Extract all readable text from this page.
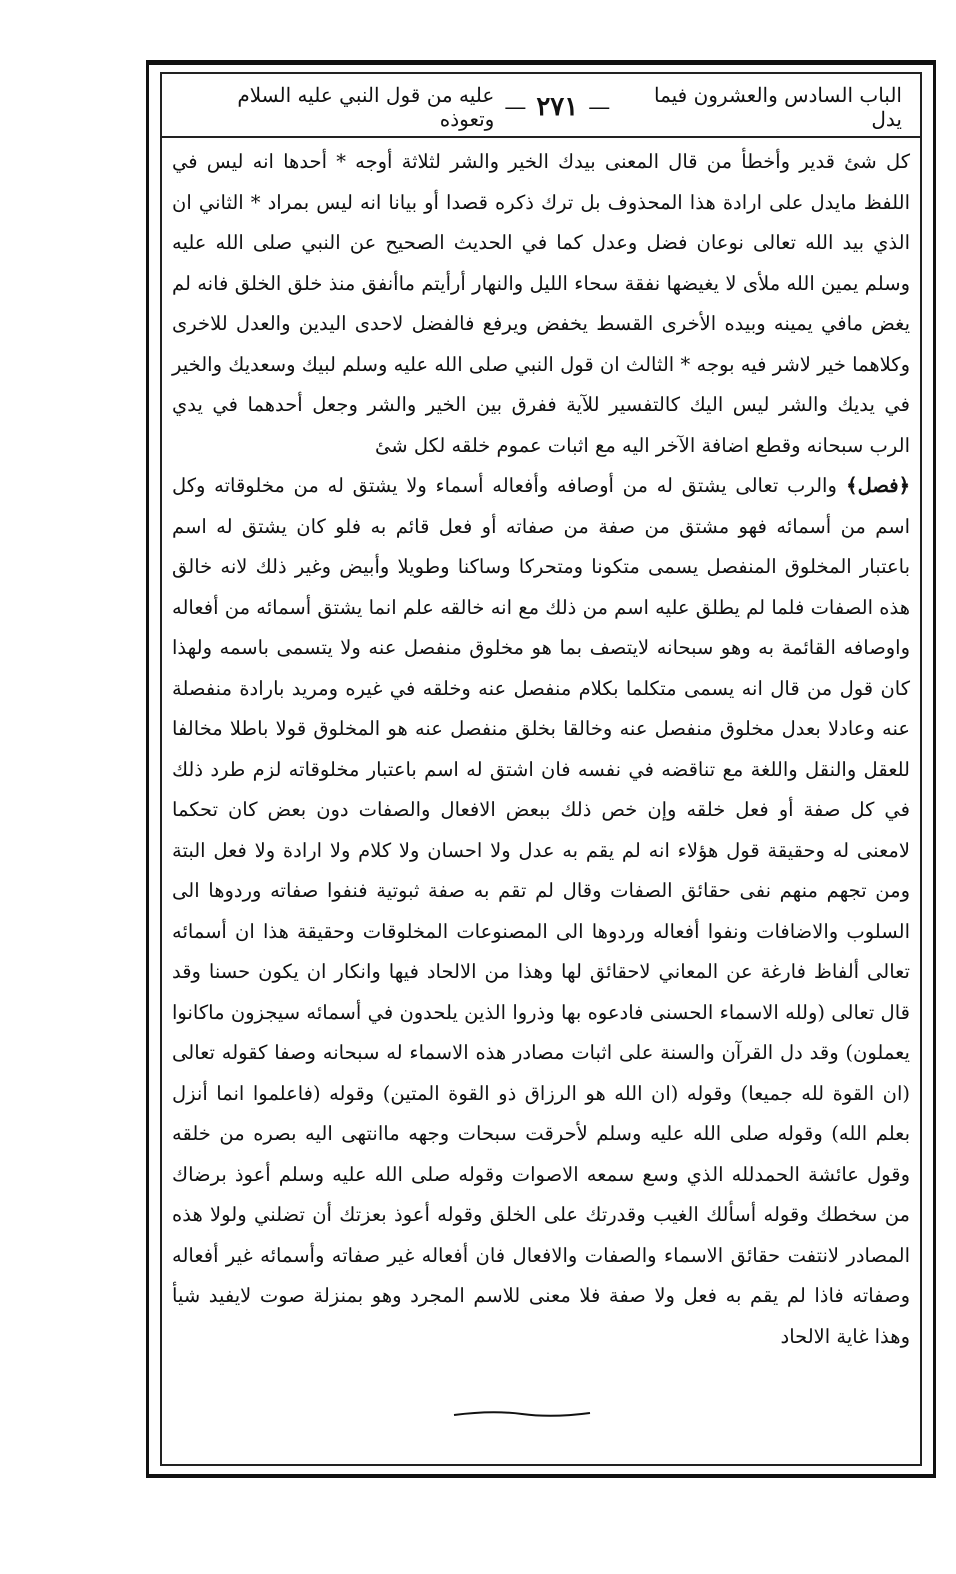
الباب السادس والعشرون فيما يدل
—
٢٧١
—
عليه من قول النبي عليه السلام وتعوذه

كل شئ قدير وأخطأ من قال المعنى بيدك الخير والشر لثلاثة أوجه * أحدها انه ليس في اللفظ مايدل على ارادة هذا المحذوف بل ترك ذكره قصدا أو بيانا انه ليس بمراد * الثاني ان الذي بيد الله تعالى نوعان فضل وعدل كما في الحديث الصحيح عن النبي صلى الله عليه وسلم يمين الله ملأى لا يغيضها نفقة سحاء الليل والنهار أرأيتم ماأنفق منذ خلق الخلق فانه لم يغض مافي يمينه وبيده الأخرى القسط يخفض ويرفع فالفضل لاحدى اليدين والعدل للاخرى وكلاهما خير لاشر فيه بوجه * الثالث ان قول النبي صلى الله عليه وسلم لبيك وسعديك والخير في يديك والشر ليس اليك كالتفسير للآية ففرق بين الخير والشر وجعل أحدهما في يدي الرب سبحانه وقطع اضافة الآخر اليه مع اثبات عموم خلقه لكل شئ

﴿فصل﴾ والرب تعالى يشتق له من أوصافه وأفعاله أسماء ولا يشتق له من مخلوقاته وكل اسم من أسمائه فهو مشتق من صفة من صفاته أو فعل قائم به فلو كان يشتق له اسم باعتبار المخلوق المنفصل يسمى متكونا ومتحركا وساكنا وطويلا وأبيض وغير ذلك لانه خالق هذه الصفات فلما لم يطلق عليه اسم من ذلك مع انه خالقه علم انما يشتق أسمائه من أفعاله واوصافه القائمة به وهو سبحانه لايتصف بما هو مخلوق منفصل عنه ولا يتسمى باسمه ولهذا كان قول من قال انه يسمى متكلما بكلام منفصل عنه وخلقه في غيره ومريد بارادة منفصلة عنه وعادلا بعدل مخلوق منفصل عنه وخالقا بخلق منفصل عنه هو المخلوق قولا باطلا مخالفا للعقل والنقل واللغة مع تناقضه في نفسه فان اشتق له اسم باعتبار مخلوقاته لزم طرد ذلك في كل صفة أو فعل خلقه وإن خص ذلك ببعض الافعال والصفات دون بعض كان تحكما لامعنى له وحقيقة قول هؤلاء انه لم يقم به عدل ولا احسان ولا كلام ولا ارادة ولا فعل البتة ومن تجهم منهم نفى حقائق الصفات وقال لم تقم به صفة ثبوتية فنفوا صفاته وردوها الى السلوب والاضافات ونفوا أفعاله وردوها الى المصنوعات المخلوقات وحقيقة هذا ان أسمائه تعالى ألفاظ فارغة عن المعاني لاحقائق لها وهذا من الالحاد فيها وانكار ان يكون حسنا وقد قال تعالى (ولله الاسماء الحسنى فادعوه بها وذروا الذين يلحدون في أسمائه سيجزون ماكانوا يعملون) وقد دل القرآن والسنة على اثبات مصادر هذه الاسماء له سبحانه وصفا كقوله تعالى (ان القوة لله جميعا) وقوله (ان الله هو الرزاق ذو القوة المتين) وقوله (فاعلموا انما أنزل بعلم الله) وقوله صلى الله عليه وسلم لأحرقت سبحات وجهه ماانتهى اليه بصره من خلقه وقول عائشة الحمدلله الذي وسع سمعه الاصوات وقوله صلى الله عليه وسلم أعوذ برضاك من سخطك وقوله أسألك الغيب وقدرتك على الخلق وقوله أعوذ بعزتك أن تضلني ولولا هذه المصادر لانتفت حقائق الاسماء والصفات والافعال فان أفعاله غير صفاته وأسمائه غير أفعاله وصفاته فاذا لم يقم به فعل ولا صفة فلا معنى للاسم المجرد وهو بمنزلة صوت لايفيد شيأ وهذا غاية الالحاد
